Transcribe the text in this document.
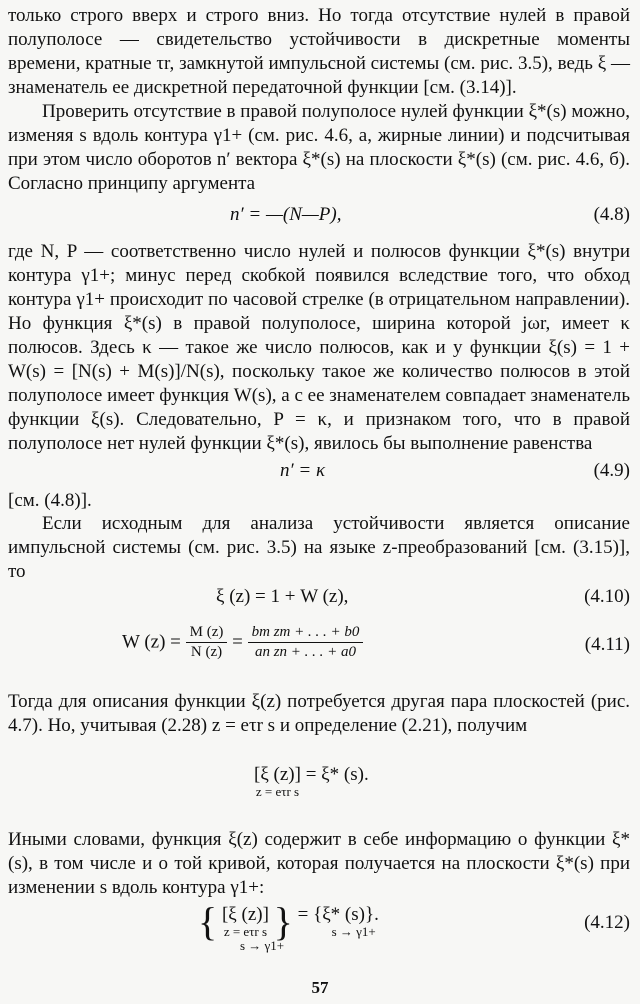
только строго вверх и строго вниз. Но тогда отсутствие нулей в правой полуполосе — свидетельство устойчивости в дискретные моменты времени, кратные τr, замкнутой импульсной системы (см. рис. 3.5), ведь ξ — знаменатель ее дискретной передаточной функции [см. (3.14)].

Проверить отсутствие в правой полуполосе нулей функции ξ*(s) можно, изменяя s вдоль контура γ1+ (см. рис. 4.6, а, жирные линии) и подсчитывая при этом число оборотов n′ вектора ξ*(s) на плоскости ξ*(s) (см. рис. 4.6, б). Согласно принципу аргумента

n′ = —(N—P),	(4.8)

где N, P — соответственно число нулей и полюсов функции ξ*(s) внутри контура γ1+; минус перед скобкой появился вследствие того, что обход контура γ1+ происходит по часовой стрелке (в отрицательном направлении). Но функция ξ*(s) в правой полуполосе, ширина которой jωr, имеет κ полюсов. Здесь κ — такое же число полюсов, как и у функции ξ(s) = 1 + W(s) = [N(s) + M(s)]/N(s), поскольку такое же количество полюсов в этой полуполосе имеет функция W(s), а с ее знаменателем совпадает знаменатель функции ξ(s). Следовательно, P = κ, и признаком того, что в правой полуполосе нет нулей функции ξ*(s), явилось бы выполнение равенства

n′ = κ	(4.9)

[см. (4.8)].

Если исходным для анализа устойчивости является описание импульсной системы (см. рис. 3.5) на языке z-преобразований [см. (3.15)], то

ξ (z) = 1 + W (z),	(4.10)
W $(z) = \frac{M (z)}{N (z)} = \frac{\text{bm zm + . . . + b0}}{\text{an zn + . . . + a0}}$	(4.11)

Тогда для описания функции ξ(z) потребуется другая пара плоскостей (рис. 4.7). Но, учитывая (2.28) z = eτr s и определение (2.21), получим

[ξ (z)]
z = eτr s
= ξ* (s).

Иными словами, функция ξ(z) содержит в себе информацию о функции ξ*(s), в том числе и о той кривой, которая получается на плоскости ξ*(s) при изменении s вдоль контура γ1+:

{ [ξ (z)]
z = eτr s } = {ξ* (s)}.
s → γ1+
s → γ1+
(4.12)
57
